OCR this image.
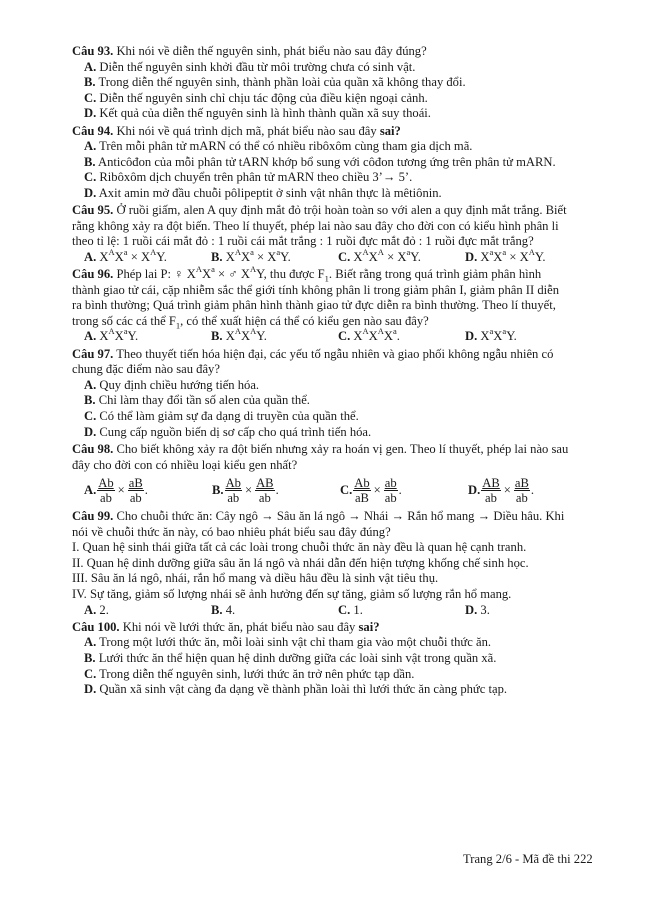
Câu 93. Khi nói về diễn thế nguyên sinh, phát biểu nào sau đây đúng?
A. Diễn thế nguyên sinh khởi đầu từ môi trường chưa có sinh vật.
B. Trong diễn thế nguyên sinh, thành phần loài của quần xã không thay đổi.
C. Diễn thế nguyên sinh chỉ chịu tác động của điều kiện ngoại cảnh.
D. Kết quả của diễn thế nguyên sinh là hình thành quần xã suy thoái.
Câu 94. Khi nói về quá trình dịch mã, phát biểu nào sau đây sai?
A. Trên mỗi phân tử mARN có thể có nhiều ribôxôm cùng tham gia dịch mã.
B. Anticôđon của mỗi phân tử tARN khớp bổ sung với côđon tương ứng trên phân tử mARN.
C. Ribôxôm dịch chuyển trên phân tử mARN theo chiều 3’→ 5’.
D. Axit amin mở đầu chuỗi pôlipeptit ở sinh vật nhân thực là mêtiônin.
Câu 95. Ở ruồi giấm, alen A quy định mắt đỏ trội hoàn toàn so với alen a quy định mắt trắng. Biết
rằng không xảy ra đột biến. Theo lí thuyết, phép lai nào sau đây cho đời con có kiểu hình phân li
theo tỉ lệ: 1 ruồi cái mắt đỏ : 1 ruồi cái mắt trắng : 1 ruồi đực mắt đỏ : 1 ruồi đực mắt trắng?
A. $X^AX^a \times X^AY$.	B. $X^AX^a \times X^aY$.	C. $X^AX^A \times X^aY$.	D. $X^aX^a \times X^AY$.
Câu 96. Phép lai P: ♀ $X^AX^a$ × ♂ $X^AY$, thu được $F_1$. Biết rằng trong quá trình giảm phân hình
thành giao tử cái, cặp nhiễm sắc thể giới tính không phân li trong giảm phân I, giảm phân II diễn
ra bình thường; Quá trình giảm phân hình thành giao tử đực diễn ra bình thường. Theo lí thuyết,
trong số các cá thể $F_1$, có thể xuất hiện cá thể có kiểu gen nào sau đây?
A. $X^AX^aY$.	B. $X^AX^AY$.	C. $X^AX^AX^a$.	D. $X^aX^aY$.
Câu 97. Theo thuyết tiến hóa hiện đại, các yếu tố ngẫu nhiên và giao phối không ngẫu nhiên có
chung đặc điểm nào sau đây?
A. Quy định chiều hướng tiến hóa.
B. Chỉ làm thay đổi tần số alen của quần thể.
C. Có thể làm giảm sự đa dạng di truyền của quần thể.
D. Cung cấp nguồn biến dị sơ cấp cho quá trình tiến hóa.
Câu 98. Cho biết không xảy ra đột biến nhưng xảy ra hoán vị gen. Theo lí thuyết, phép lai nào sau
đây cho đời con có nhiều loại kiểu gen nhất?
A. $\frac{Ab}{ab} \times \frac{aB}{ab}$ .	B. $\frac{Ab}{ab} \times \frac{AB}{ab}$ .	C. $\frac{Ab}{aB} \times \frac{ab}{ab}$ .	D. $\frac{AB}{ab} \times \frac{aB}{ab}$ .
Câu 99. Cho chuỗi thức ăn: Cây ngô → Sâu ăn lá ngô → Nhái → Rắn hổ mang → Diều hâu. Khi
nói về chuỗi thức ăn này, có bao nhiêu phát biểu sau đây đúng?
I. Quan hệ sinh thái giữa tất cả các loài trong chuỗi thức ăn này đều là quan hệ cạnh tranh.
II. Quan hệ dinh dưỡng giữa sâu ăn lá ngô và nhái dẫn đến hiện tượng khống chế sinh học.
III. Sâu ăn lá ngô, nhái, rắn hổ mang và diều hâu đều là sinh vật tiêu thụ.
IV. Sự tăng, giảm số lượng nhái sẽ ảnh hưởng đến sự tăng, giảm số lượng rắn hổ mang.
A. 2.	B. 4.	C. 1.	D. 3.
Câu 100. Khi nói về lưới thức ăn, phát biểu nào sau đây sai?
A. Trong một lưới thức ăn, mỗi loài sinh vật chỉ tham gia vào một chuỗi thức ăn.
B. Lưới thức ăn thể hiện quan hệ dinh dưỡng giữa các loài sinh vật trong quần xã.
C. Trong diễn thế nguyên sinh, lưới thức ăn trở nên phức tạp dần.
D. Quần xã sinh vật càng đa dạng về thành phần loài thì lưới thức ăn càng phức tạp.
Trang 2/6 - Mã đề thi 222
